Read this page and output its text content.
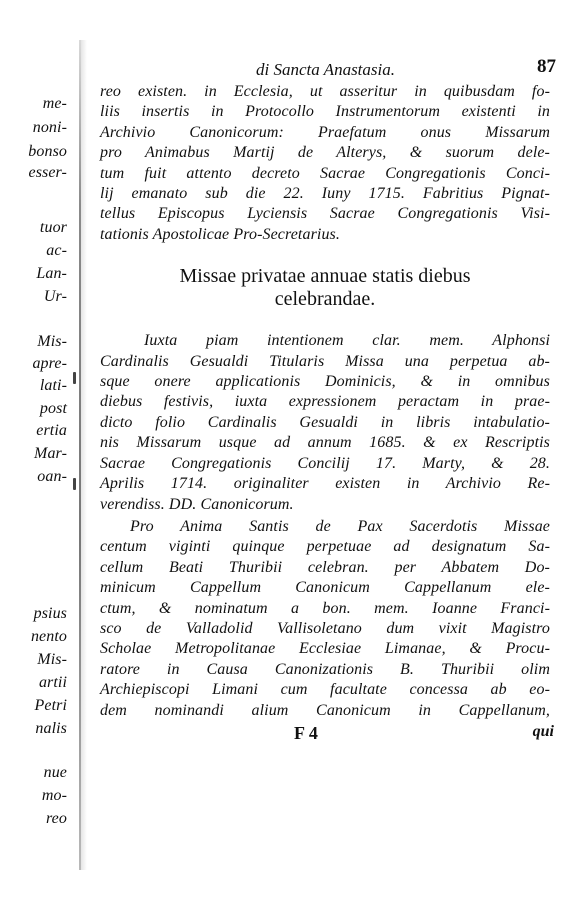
me-
noni-
bonso
esser-
tuor
ac-
Lan-
Ur-
Mis-
apre-
lati-
post
ertia
Mar-
oan-
psius
nento
Mis-
artii
Petri
nalis
nue
mo-
reo
di Sancta Anastasia.	87
reo existen. in Ecclesia, ut asseritur in quibusdam fo-
liis insertis in Protocollo Instrumentorum existenti in
Archivio Canonicorum: Praefatum onus Missarum
pro Animabus Martij de Alterys, & suorum dele-
tum fuit attento decreto Sacrae Congregationis Conci-
lij emanato sub die 22. Iuny 1715. Fabritius Pignat-
tellus Episcopus Lyciensis Sacrae Congregationis Visi-
tationis Apostolicae Pro-Secretarius.
Missae privatae annuae statis diebus
celebrandae.
Iuxta piam intentionem clar. mem. Alphonsi
Cardinalis Gesualdi Titularis Missa una perpetua ab-
sque onere applicationis Dominicis, & in omnibus
diebus festivis, iuxta expressionem peractam in prae-
dicto folio Cardinalis Gesualdi in libris intabulatio-
nis Missarum usque ad annum 1685. & ex Rescriptis
Sacrae Congregationis Concilij 17. Marty, & 28.
Aprilis 1714. originaliter existen in Archivio Re-
verendiss. DD. Canonicorum.
Pro Anima Santis de Pax Sacerdotis Missae
centum viginti quinque perpetuae ad designatum Sa-
cellum Beati Thuribii celebran. per Abbatem Do-
minicum Cappellum Canonicum Cappellanum ele-
ctum, & nominatum a bon. mem. Ioanne Franci-
sco de Valladolid Vallisoletano dum vixit Magistro
Scholae Metropolitanae Ecclesiae Limanae, & Procu-
ratore in Causa Canonizationis B. Thuribii olim
Archiepiscopi Limani cum facultate concessa ab eo-
dem nominandi alium Canonicum in Cappellanum,
F 4	qui
